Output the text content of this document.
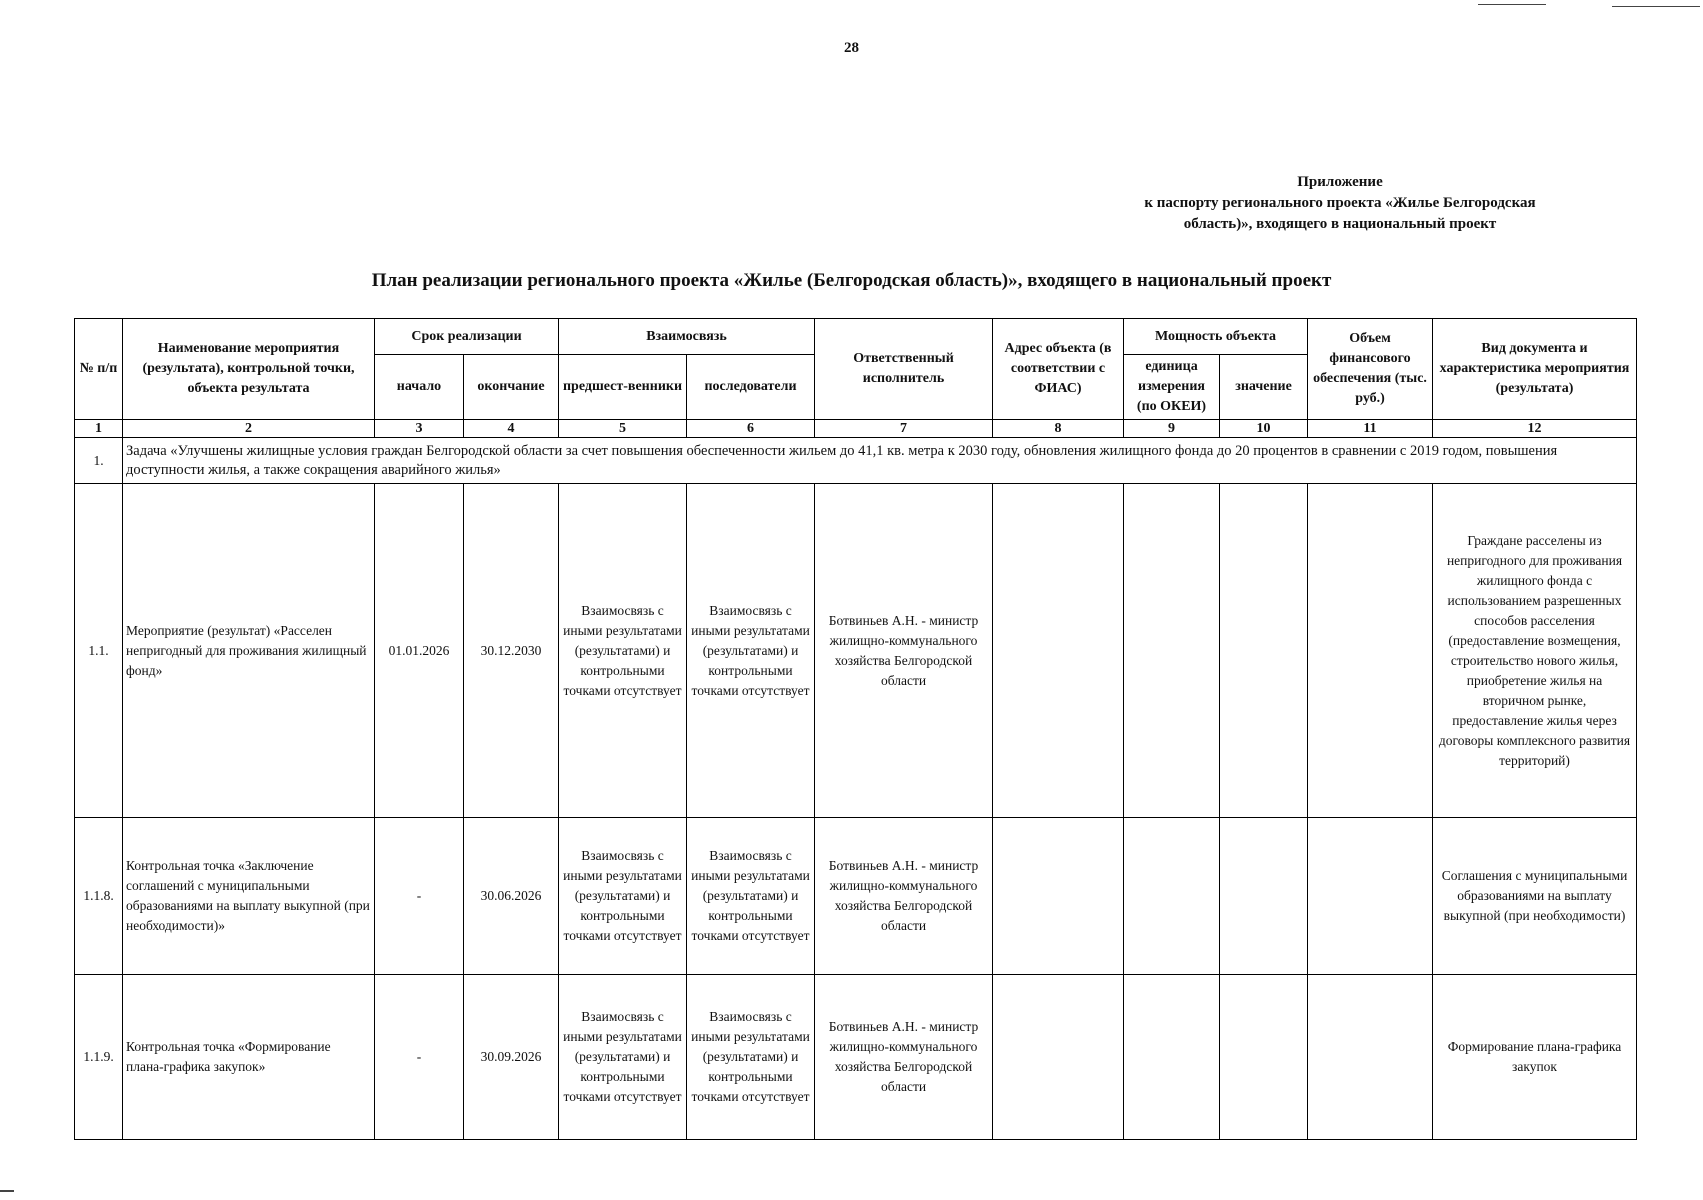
28
Приложение
к паспорту регионального проекта «Жилье Белгородская
область)», входящего в национальный проект
План реализации регионального проекта «Жилье (Белгородская область)», входящего в национальный проект
№ п/п	Наименование мероприятия (результата), контрольной точки, объекта результата	Срок реализации		Взаимосвязь		Ответственный исполнитель	Адрес объекта (в соответствии с ФИАС)	Мощность объекта		Объем финансового обеспечения (тыс. руб.)	Вид документа и характеристика мероприятия (результата)
		начало	окончание	предшест-венники	последователи			единица измерения (по ОКЕИ)	значение		
1	2	3	4	5	6	7	8	9	10	11	12
1.	Задача «Улучшены жилищные условия граждан Белгородской области за счет повышения обеспеченности жильем до 41,1 кв. метра к 2030 году, обновления жилищного фонда до 20 процентов в сравнении с 2019 годом, повышения доступности жилья, а также сокращения аварийного жилья»										
1.1.	Мероприятие (результат) «Расселен непригодный для проживания жилищный фонд»	01.01.2026	30.12.2030	Взаимосвязь с иными результатами (результатами) и контрольными точками отсутствует	Взаимосвязь с иными результатами (результатами) и контрольными точками отсутствует	Ботвиньев А.Н. - министр жилищно-коммунального хозяйства Белгородской области					Граждане расселены из непригодного для проживания жилищного фонда с использованием разрешенных способов расселения (предоставление возмещения, строительство нового жилья, приобретение жилья на вторичном рынке, предоставление жилья через договоры комплексного развития территорий)
1.1.8.	Контрольная точка «Заключение соглашений с муниципальными образованиями на выплату выкупной (при необходимости)»	-	30.06.2026	Взаимосвязь с иными результатами (результатами) и контрольными точками отсутствует	Взаимосвязь с иными результатами (результатами) и контрольными точками отсутствует	Ботвиньев А.Н. - министр жилищно-коммунального хозяйства Белгородской области					Соглашения с муниципальными образованиями на выплату выкупной (при необходимости)
1.1.9.	Контрольная точка «Формирование плана-графика закупок»	-	30.09.2026	Взаимосвязь с иными результатами (результатами) и контрольными точками отсутствует	Взаимосвязь с иными результатами (результатами) и контрольными точками отсутствует	Ботвиньев А.Н. - министр жилищно-коммунального хозяйства Белгородской области					Формирование плана-графика закупок
